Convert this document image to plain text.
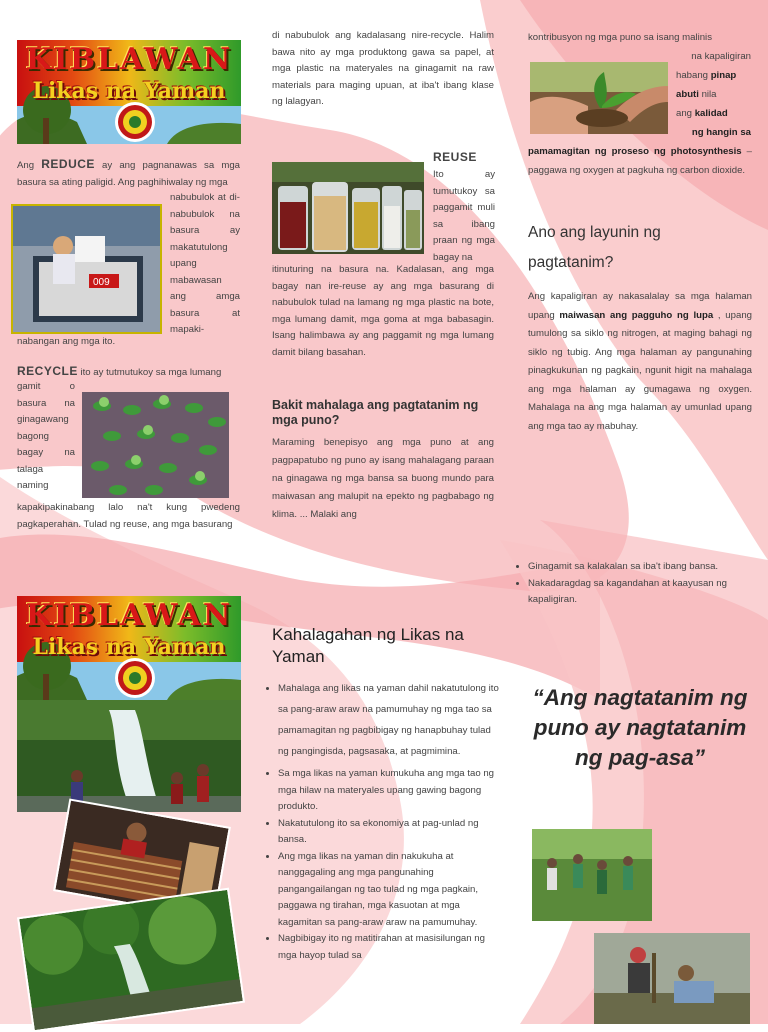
KIBLAWAN
Likas na Yaman
Ang REDUCE ay ang pagnanawas sa mga basura sa ating paligid. Ang paghihiwalay ng mga
009
nabubulok at di-nabubulok na basura ay makatutulong upang mabawasan ang amga basura at mapaki-
nabangan ang mga ito.
RECYCLE ito ay tutmutukoy sa mga lumang
gamit o basura na ginagawang bagong bagay na talaga naming
kapakipakinabang lalo na't kung pwedeng pagkaperahan. Tulad ng reuse, ang mga basurang
di nabubulok ang kadalasang nire-recycle. Halim bawa nito ay mga produktong gawa sa papel, at mga plastic na materyales na ginagamit na raw materials para maging upuan, at iba't ibang klase ng lalagyan.
REUSE
Ito ay tumutukoy sa paggamit muli sa ibang praan ng mga bagay na
itinuturing na basura na. Kadalasan, ang mga bagay nan ire-reuse ay ang mga basurang di nabubulok tulad na lamang ng mga plastic na bote, mga lumang damit, mga goma at mga babasagin. Isang halimbawa ay ang paggamit ng mga lumang damit bilang basahan.
Bakit mahalaga ang pagtatanim ng mga puno?
Maraming benepisyo ang mga puno at ang pagpapatubo ng puno ay isang mahalagang paraan na ginagawa ng mga bansa sa buong mundo para maiwasan ang malupit na epekto ng pagbabago ng klima. ... Malaki ang
kontribusyon ng mga puno sa isang malinis
na kapaligiran
habang pinap abuti nila
ang kalidad
ng hangin sa
pamamagitan ng proseso ng photosynthesis – paggawa ng oxygen at pagkuha ng carbon dioxide.
Ano ang layunin ng pagtatanim?
Ang kapaligiran ay nakasalalay sa mga halaman upang maiwasan ang pagguho ng lupa , upang tumulong sa siklo ng nitrogen, at maging bahagi ng siklo ng tubig. Ang mga halaman ay pangunahing pinagkukunan ng pagkain, ngunit higit na mahalaga ang mga halaman ay gumagawa ng oxygen. Mahalaga na ang mga halaman ay umunlad upang ang mga tao ay mabuhay.
KIBLAWAN
Likas na Yaman	Kahalagahan ng Likas na Yaman
• Mahalaga ang likas na yaman dahil nakatutulong ito sa pang-araw araw na pamumuhay ng mga tao sa pamamagitan ng pagbibigay ng hanapbuhay tulad ng pangingisda, pagsasaka, at pagmimina.
• Sa mga likas na yaman kumukuha ang mga tao ng mga hilaw na materyales upang gawing bagong produkto.
• Nakatutulong ito sa ekonomiya at pag-unlad ng bansa.
• Ang mga likas na yaman din nakukuha at nanggagaling ang mga pangunahing pangangailangan ng tao tulad ng mga pagkain, paggawa ng tirahan, mga kasuotan at mga kagamitan sa pang-araw araw na pamumuhay.
• Nagbibigay ito ng matitirahan at masisilungan ng mga hayop tulad sa
• Ginagamit sa kalakalan sa iba't ibang bansa.
• Nakadaragdag sa kagandahan at kaayusan ng kapaligiran.
“Ang nagtatanim ng puno ay nagtatanim ng pag-asa”
